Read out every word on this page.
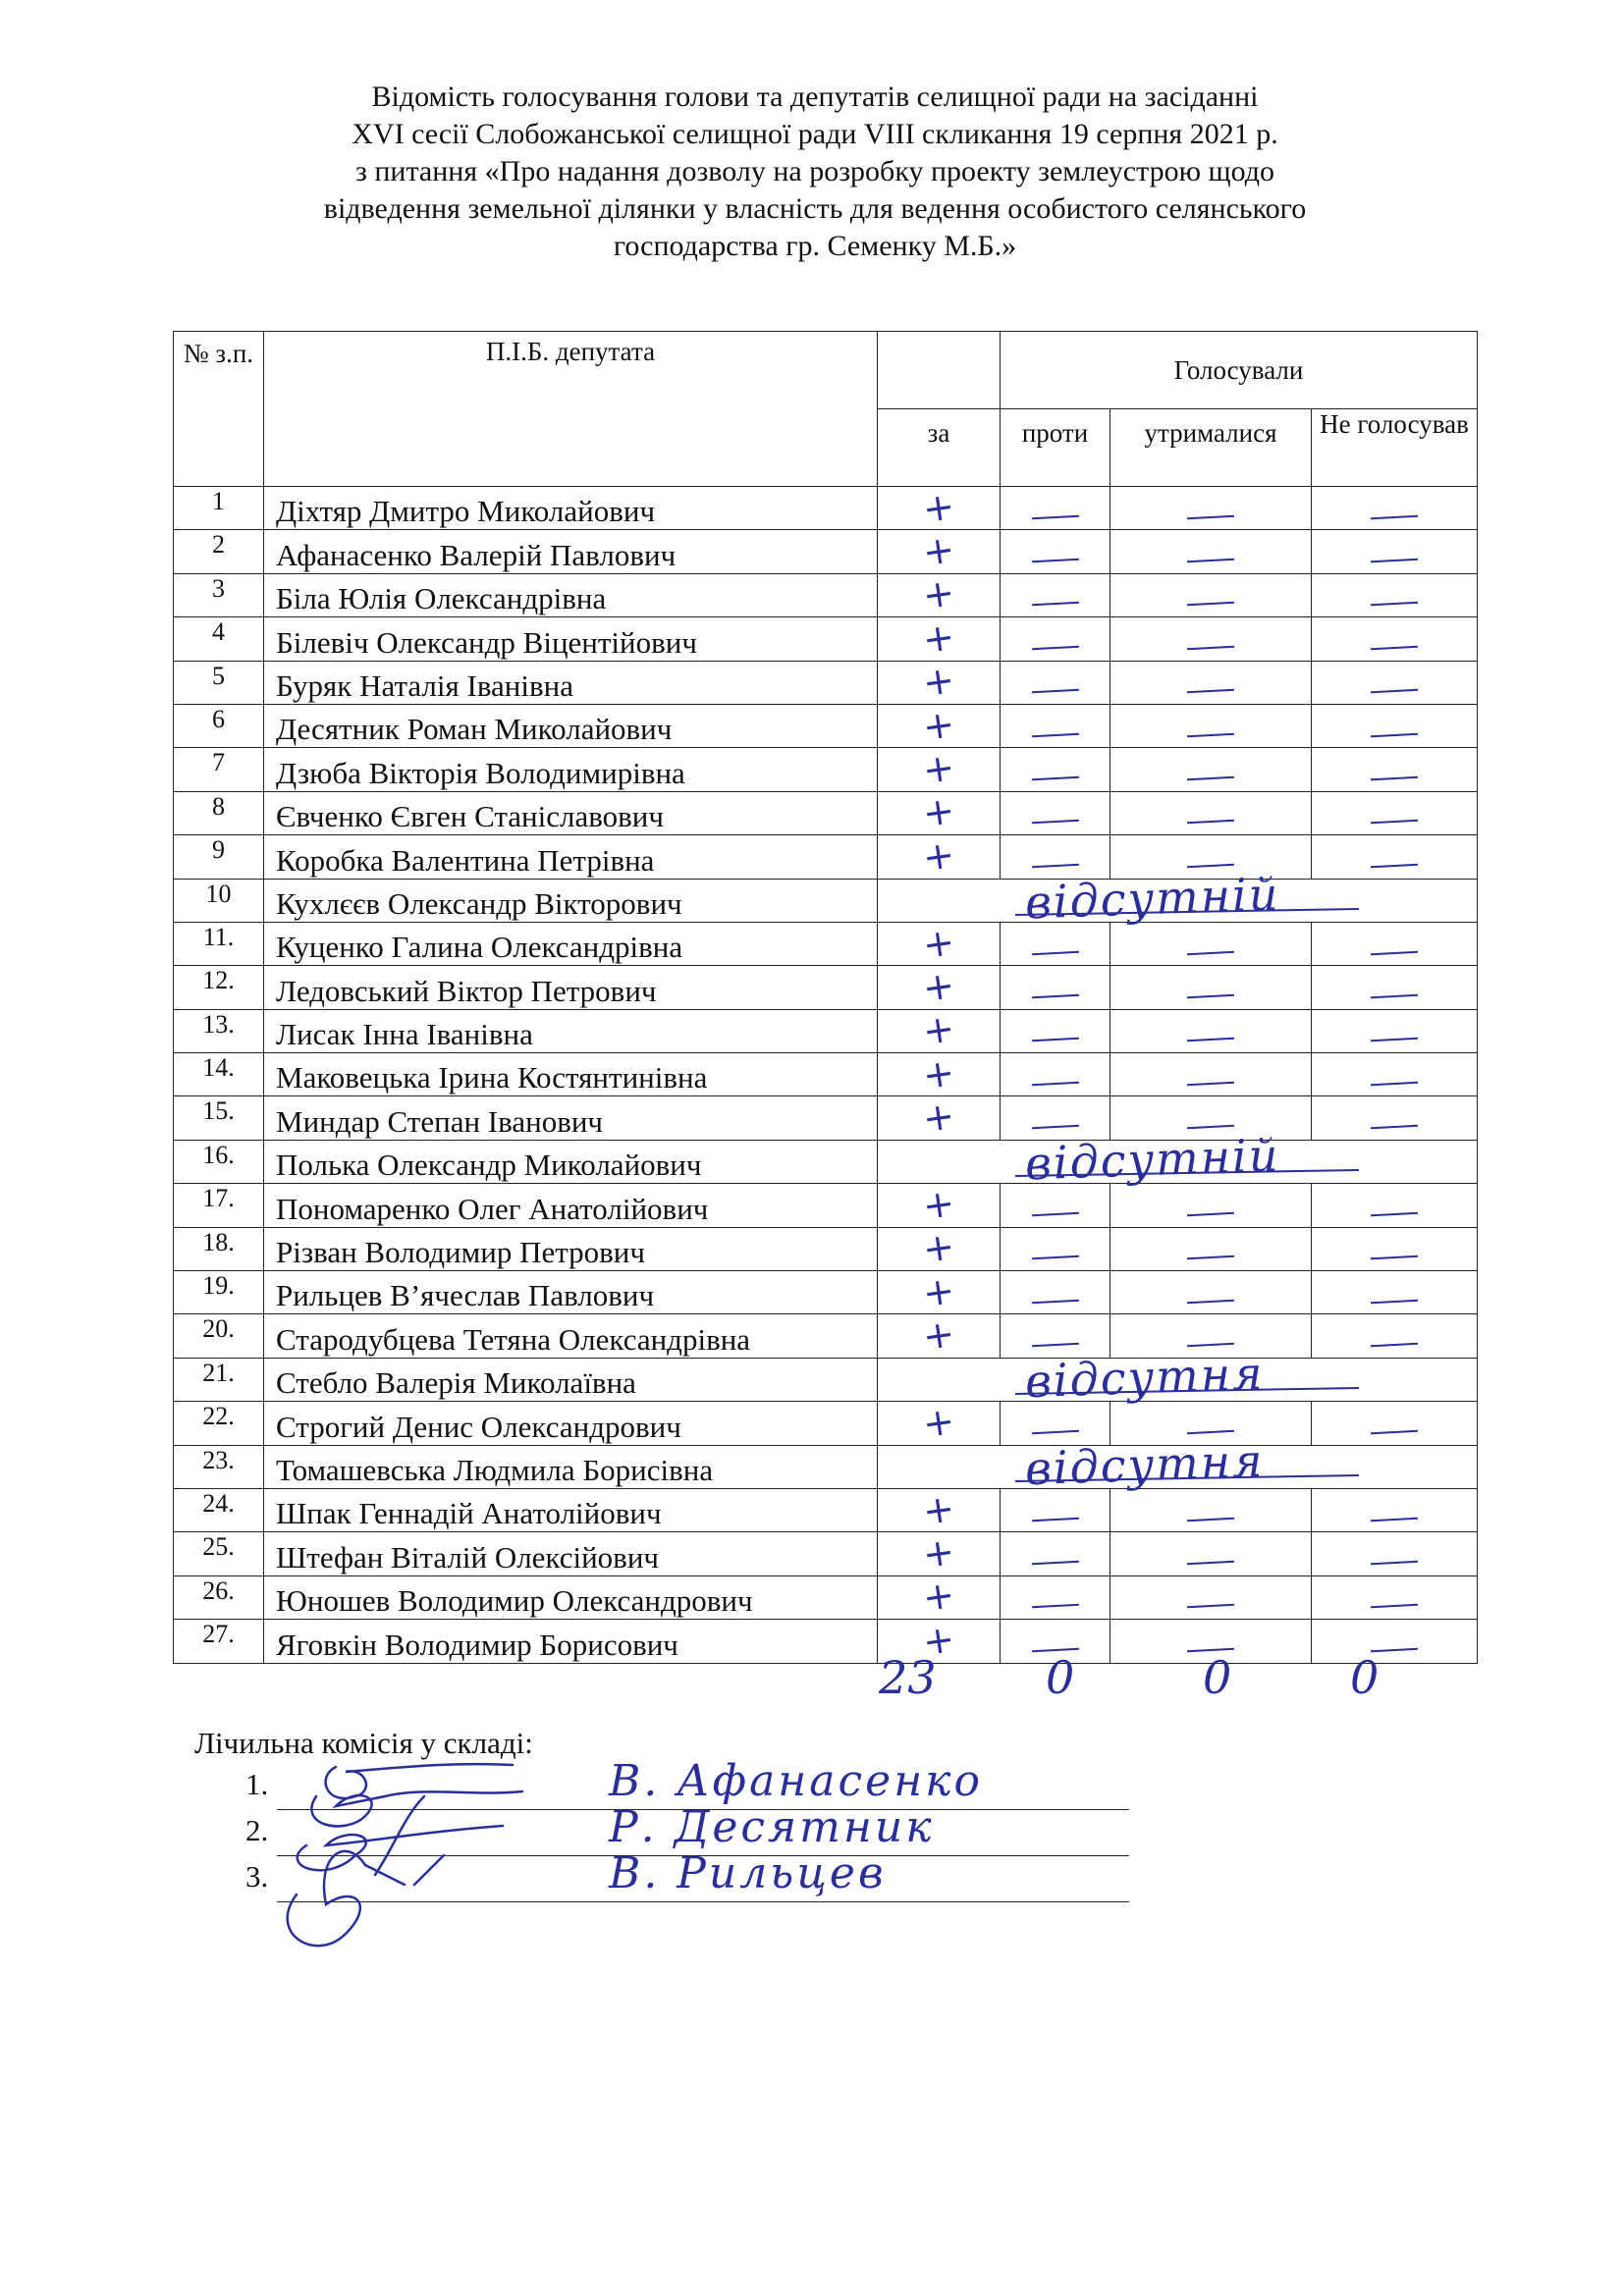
Відомість голосування голови та депутатів селищної ради на засіданні
XVІ сесії Слобожанської селищної ради VIII скликання 19 серпня 2021 р.
з питання «Про надання дозволу на розробку проекту землеустрою щодо
відведення земельної ділянки у власність для ведення особистого селянського
господарства гр. Семенку М.Б.»
№ з.п.	П.І.Б. депутата		Голосували		
		за	проти	утрималися	Не голосував
1	Діхтяр Дмитро Миколайович	+			
2	Афанасенко Валерій Павлович	+			
3	Біла Юлія Олександрівна	+			
4	Білевіч Олександр Віцентійович	+			
5	Буряк Наталія Іванівна	+			
6	Десятник Роман Миколайович	+			
7	Дзюба Вікторія Володимирівна	+			
8	Євченко Євген Станіславович	+			
9	Коробка Валентина Петрівна	+			
10	Кухлєєв Олександр Вікторович	відсутній			

11.	Куценко Галина Олександрівна	+			
12.	Ледовський Віктор Петрович	+			
13.	Лисак Інна Іванівна	+			
14.	Маковецька Ірина Костянтинівна	+			
15.	Миндар Степан Іванович	+			
16.	Полька Олександр Миколайович	відсутній			

17.	Пономаренко Олег Анатолійович	+			
18.	Різван Володимир Петрович	+			
19.	Рильцев В’ячеслав Павлович	+			
20.	Стародубцева Тетяна Олександрівна	+			
21.	Стебло Валерія Миколаївна	відсутня			

22.	Строгий Денис Олександрович	+			
23.	Томашевська Людмила Борисівна	відсутня			

24.	Шпак Геннадій Анатолійович	+			
25.	Штефан Віталій Олексійович	+			
26.	Юношев Володимир Олександрович	+			
27.	Яговкін Володимир Борисович	+			
23 0	0	0
Лічильна комісія у складі:
1.	В. Афанасенко
2.	Р. Десятник
3.	В. Рильцев
